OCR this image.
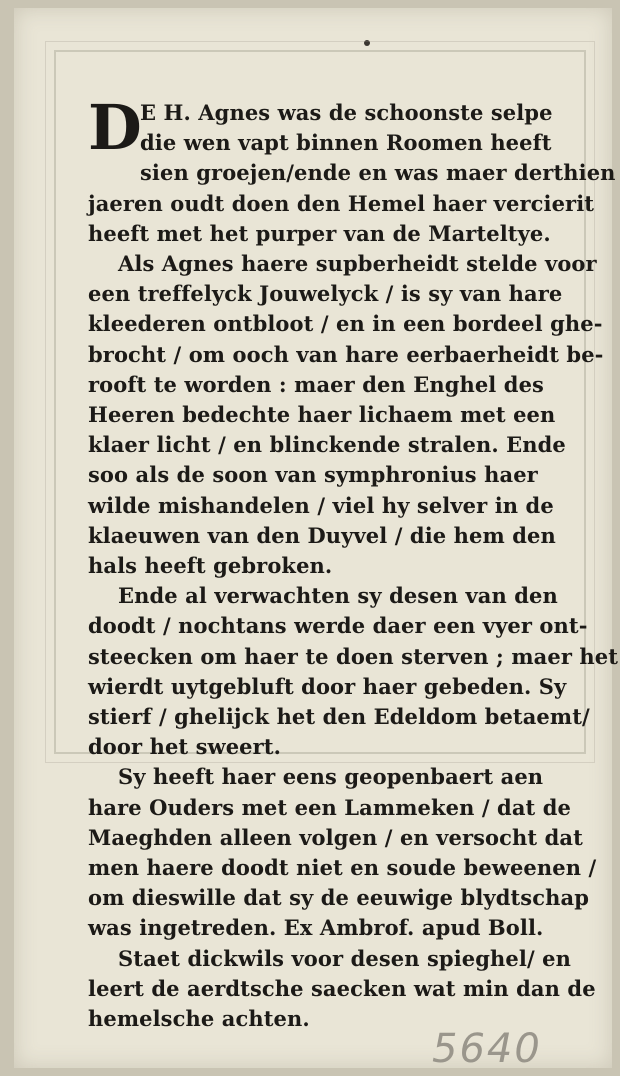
D
E H. Agnes was de schoonste selpe
die wen vapt binnen Roomen heeft
sien groejen/ende en was maer derthien
jaeren oudt doen den Hemel haer vercierit
heeft met het purper van de Marteltye.
Als Agnes haere supberheidt stelde voor
een treffelyck Jouwelyck / is sy van hare
kleederen ontbloot / en in een bordeel ghe-
brocht / om ooch van hare eerbaerheidt be-
rooft te worden : maer den Enghel des
Heeren bedechte haer lichaem met een
klaer licht / en blinckende stralen. Ende
soo als de soon van symphronius haer
wilde mishandelen / viel hy selver in de
klaeuwen van den Duyvel / die hem den
hals heeft gebroken.
Ende al verwachten sy desen van den
doodt / nochtans werde daer een vyer ont-
steecken om haer te doen sterven ; maer het
wierdt uytgebluft door haer gebeden. Sy
stierf / ghelijck het den Edeldom betaemt/
door het sweert.
Sy heeft haer eens geopenbaert aen
hare Ouders met een Lammeken / dat de
Maeghden alleen volgen / en versocht dat
men haere doodt niet en soude beweenen /
om dieswille dat sy de eeuwige blydtschap
was ingetreden. Ex Ambrof. apud Boll.
Staet dickwils voor desen spieghel/ en
leert de aerdtsche saecken wat min dan de
hemelsche achten.
5640
